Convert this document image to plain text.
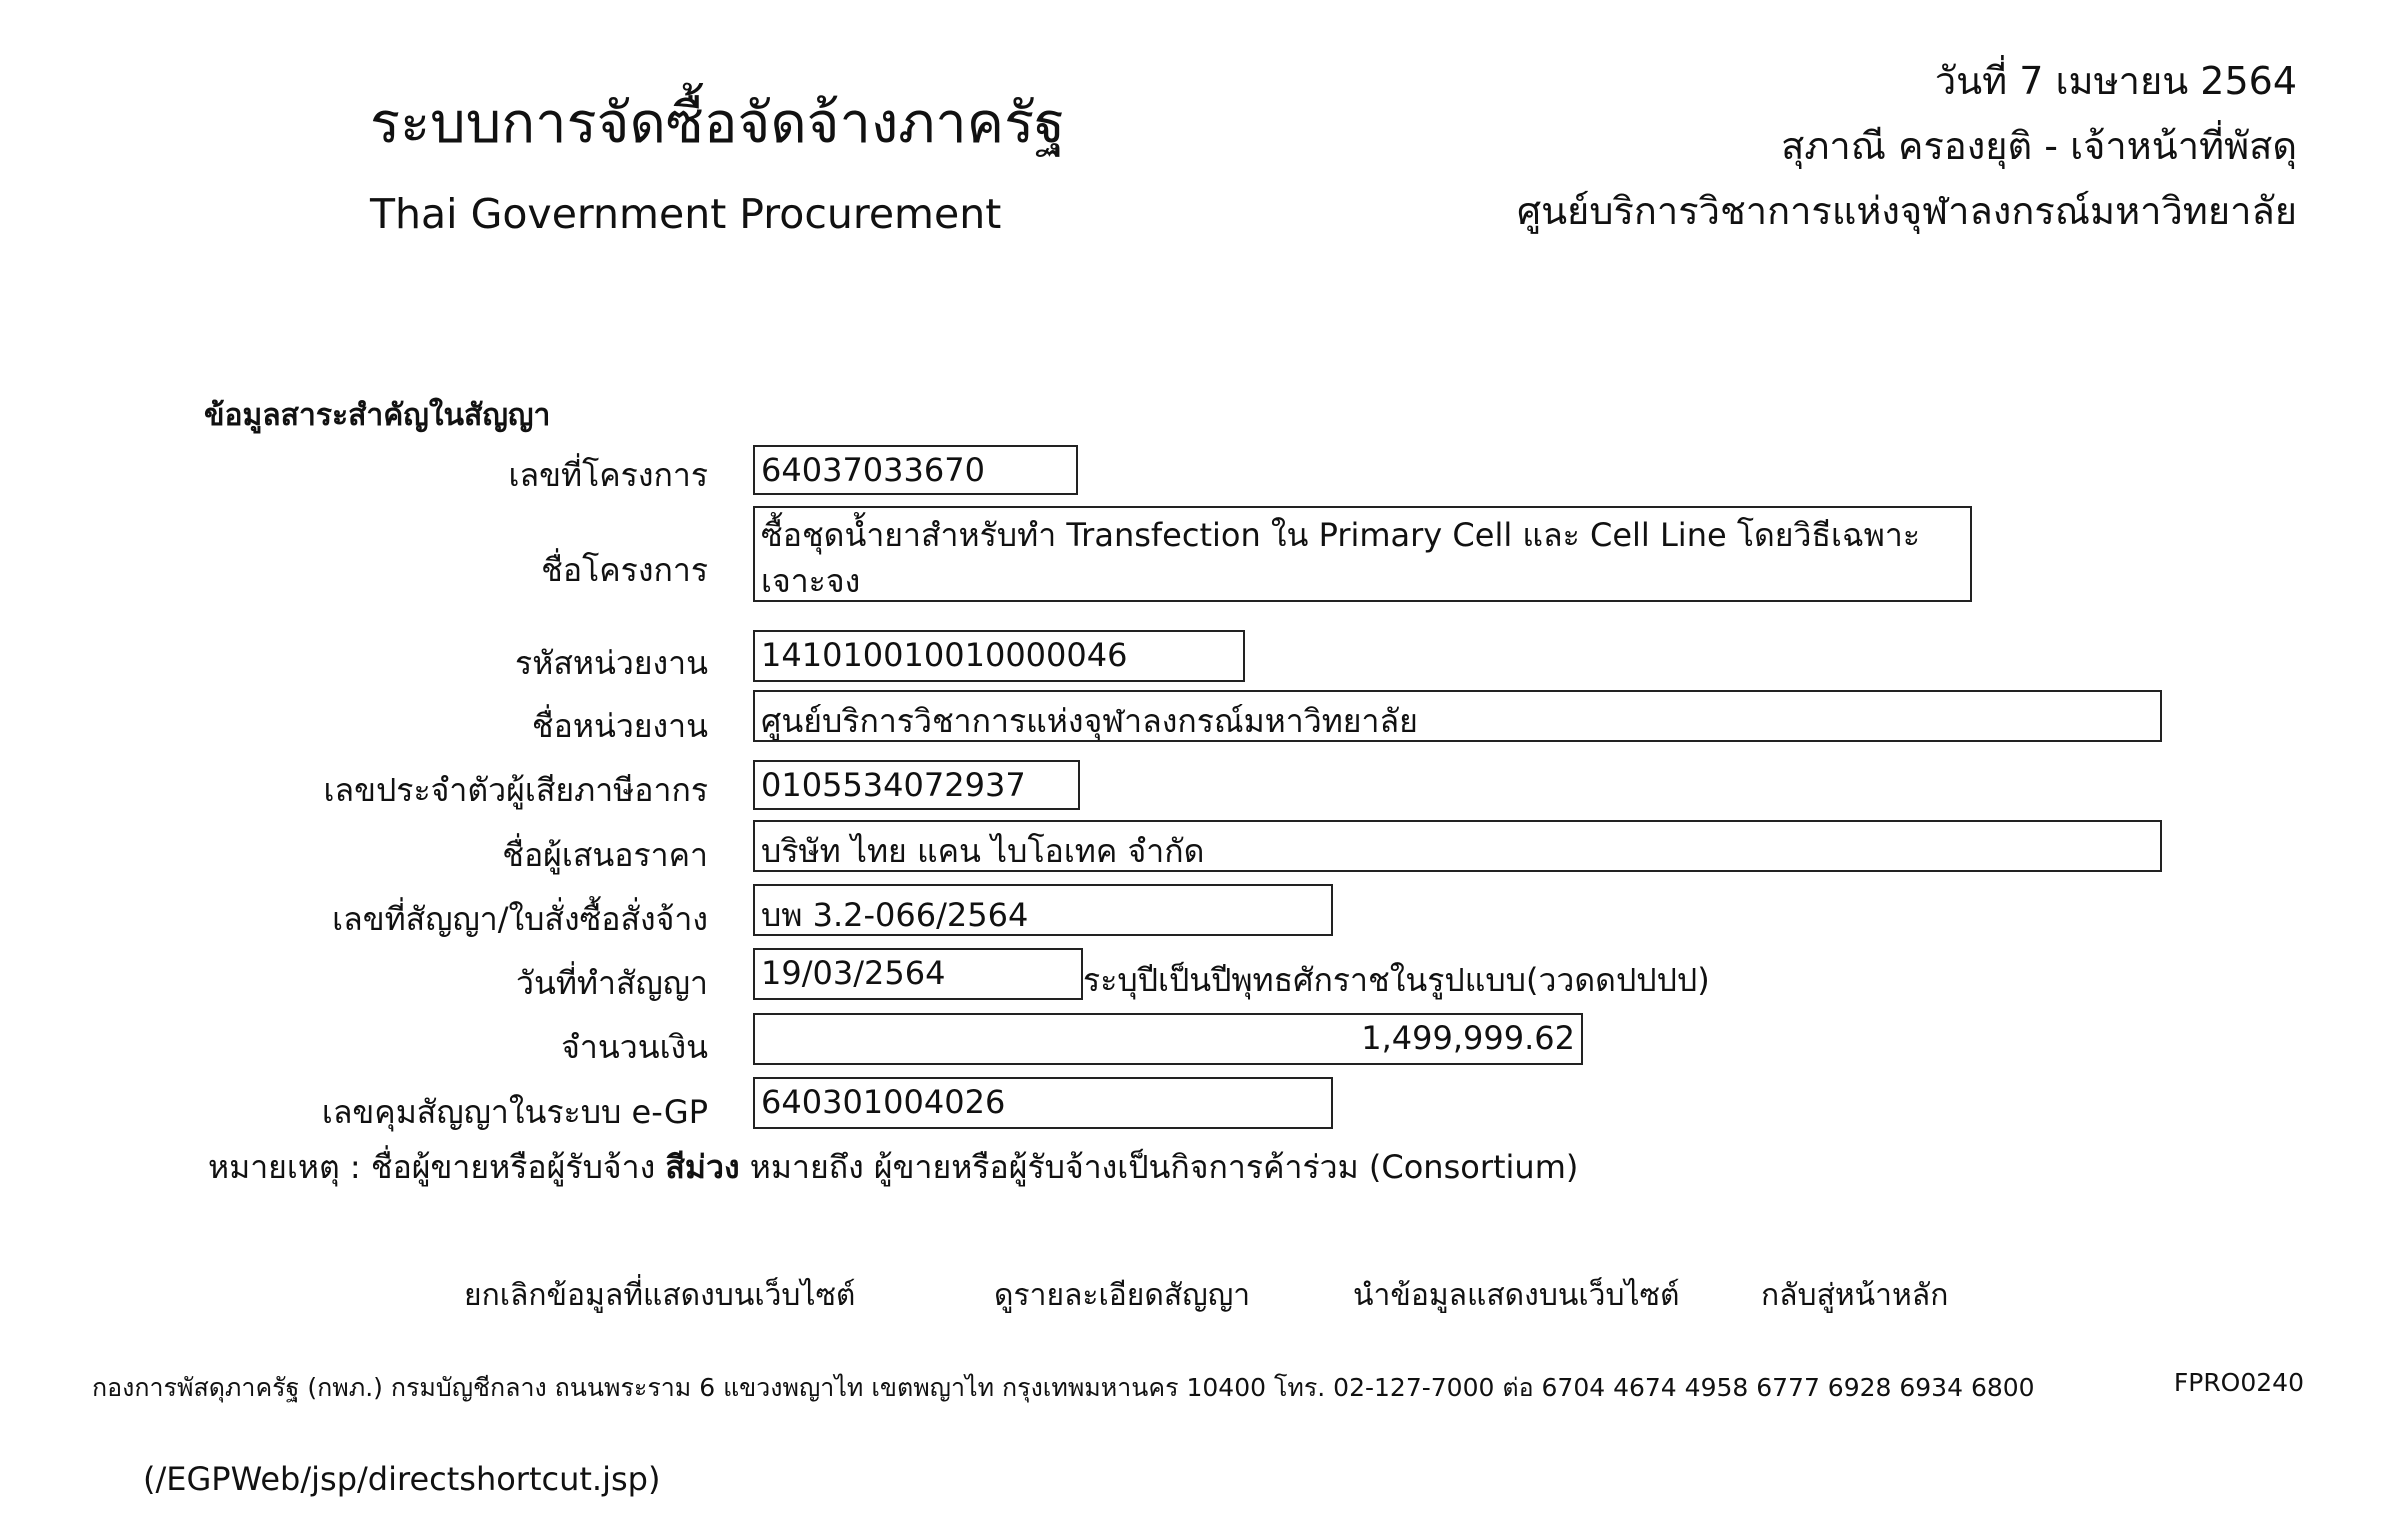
ระบบการจัดซื้อจัดจ้างภาครัฐ
Thai Government Procurement
วันที่ 7 เมษายน 2564
สุภาณี ครองยุติ - เจ้าหน้าที่พัสดุ
ศูนย์บริการวิชาการแห่งจุฬาลงกรณ์มหาวิทยาลัย
ข้อมูลสาระสำคัญในสัญญา
เลขที่โครงการ 64037033670
ชื่อโครงการ
ซื้อชุดน้ำยาสำหรับทำ Transfection ใน Primary Cell และ Cell Line โดยวิธีเฉพาะเจาะจง
รหัสหน่วยงาน 141010010010000046
ชื่อหน่วยงาน ศูนย์บริการวิชาการแห่งจุฬาลงกรณ์มหาวิทยาลัย
เลขประจำตัวผู้เสียภาษีอากร 0105534072937
ชื่อผู้เสนอราคา บริษัท ไทย แคน ไบโอเทค จำกัด
เลขที่สัญญา/ใบสั่งซื้อสั่งจ้าง บพ 3.2-066/2564
วันที่ทำสัญญา 19/03/2564	ระบุปีเป็นปีพุทธศักราชในรูปแบบ(ววดดปปปป)
จำนวนเงิน	1,499,999.62
เลขคุมสัญญาในระบบ e-GP 640301004026
หมายเหตุ : ชื่อผู้ขายหรือผู้รับจ้าง สีม่วง หมายถึง ผู้ขายหรือผู้รับจ้างเป็นกิจการค้าร่วม (Consortium)
ยกเลิกข้อมูลที่แสดงบนเว็บไซต์	ดูรายละเอียดสัญญา	นำข้อมูลแสดงบนเว็บไซต์	กลับสู่หน้าหลัก
กองการพัสดุภาครัฐ (กพภ.) กรมบัญชีกลาง ถนนพระราม 6 แขวงพญาไท เขตพญาไท กรุงเทพมหานคร 10400 โทร. 02-127-7000 ต่อ 6704 4674 4958 6777 6928 6934 6800	FPRO0240
(/EGPWeb/jsp/directshortcut.jsp)
